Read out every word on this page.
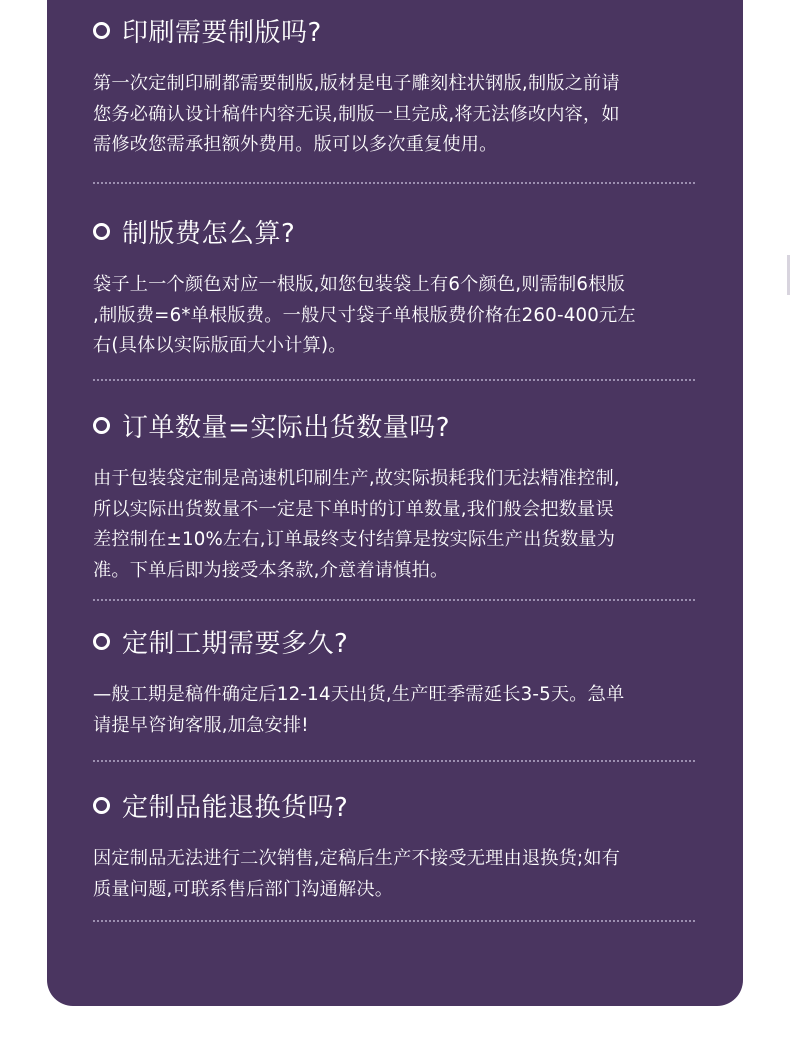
印刷需要制版吗?
第一次定制印刷都需要制版,版材是电子雕刻柱状钢版,制版之前请
您务必确认设计稿件内容无误,制版一旦完成,将无法修改内容，如
需修改您需承担额外费用。版可以多次重复使用。
制版费怎么算?
袋子上一个颜色对应一根版,如您包装袋上有6个颜色,则需制6根版
,制版费=6*单根版费。一般尺寸袋子单根版费价格在260-400元左
右(具体以实际版面大小计算)。
订单数量=实际出货数量吗?
由于包装袋定制是高速机印刷生产,故实际损耗我们无法精准控制,
所以实际出货数量不一定是下单时的订单数量,我们般会把数量误
差控制在±10%左右,订单最终支付结算是按实际生产出货数量为
准。下单后即为接受本条款,介意着请慎拍。
定制工期需要多久?
—般工期是稿件确定后12-14天出货,生产旺季需延长3-5天。急单
请提早咨询客服,加急安排!
定制品能退换货吗?
因定制品无法进行二次销售,定稿后生产不接受无理由退换货;如有
质量问题,可联系售后部门沟通解决。
